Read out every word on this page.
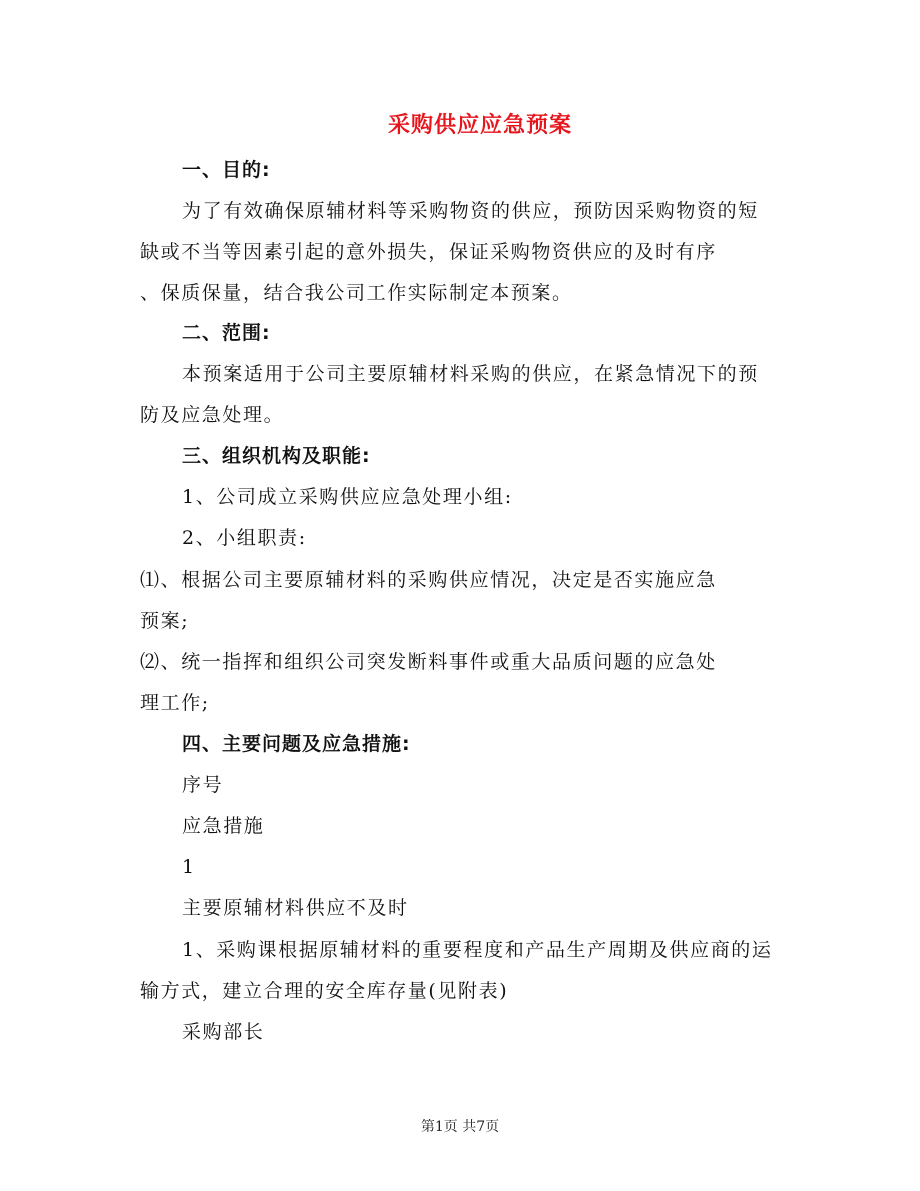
采购供应应急预案
一、目的:
为了有效确保原辅材料等采购物资的供应，预防因采购物资的短
缺或不当等因素引起的意外损失，保证采购物资供应的及时有序
、保质保量，结合我公司工作实际制定本预案。
二、范围:
本预案适用于公司主要原辅材料采购的供应，在紧急情况下的预
防及应急处理。
三、组织机构及职能:
1、公司成立采购供应应急处理小组:
2、小组职责:
⑴、根据公司主要原辅材料的采购供应情况，决定是否实施应急
预案;
⑵、统一指挥和组织公司突发断料事件或重大品质问题的应急处
理工作;
四、主要问题及应急措施:
序号
应急措施
1
主要原辅材料供应不及时
1、采购课根据原辅材料的重要程度和产品生产周期及供应商的运
输方式，建立合理的安全库存量(见附表)
采购部长
第1页 共7页
